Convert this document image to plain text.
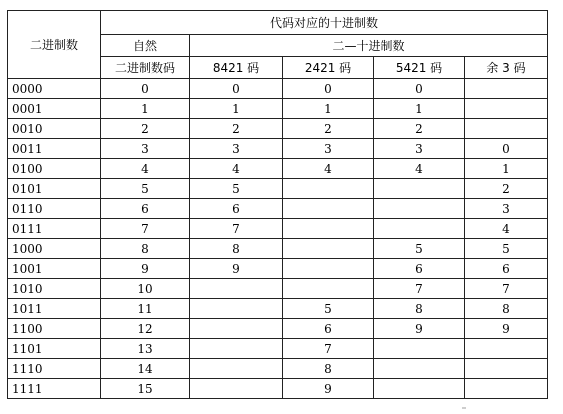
二进制数	代码对应的十进制数				
	自然	二—十进制数			
	二进制数码	8421 码	2421 码	5421 码	余 3 码
0000	0	0	0	0	
0001	1	1	1	1	
0010	2	2	2	2	
0011	3	3	3	3	0
0100	4	4	4	4	1
0101	5	5			2
0110	6	6			3
0111	7	7			4
1000	8	8		5	5
1001	9	9		6	6
1010	10			7	7
1011	11		5	8	8
1100	12		6	9	9
1101	13		7		
1110	14		8		
1111	15		9		
